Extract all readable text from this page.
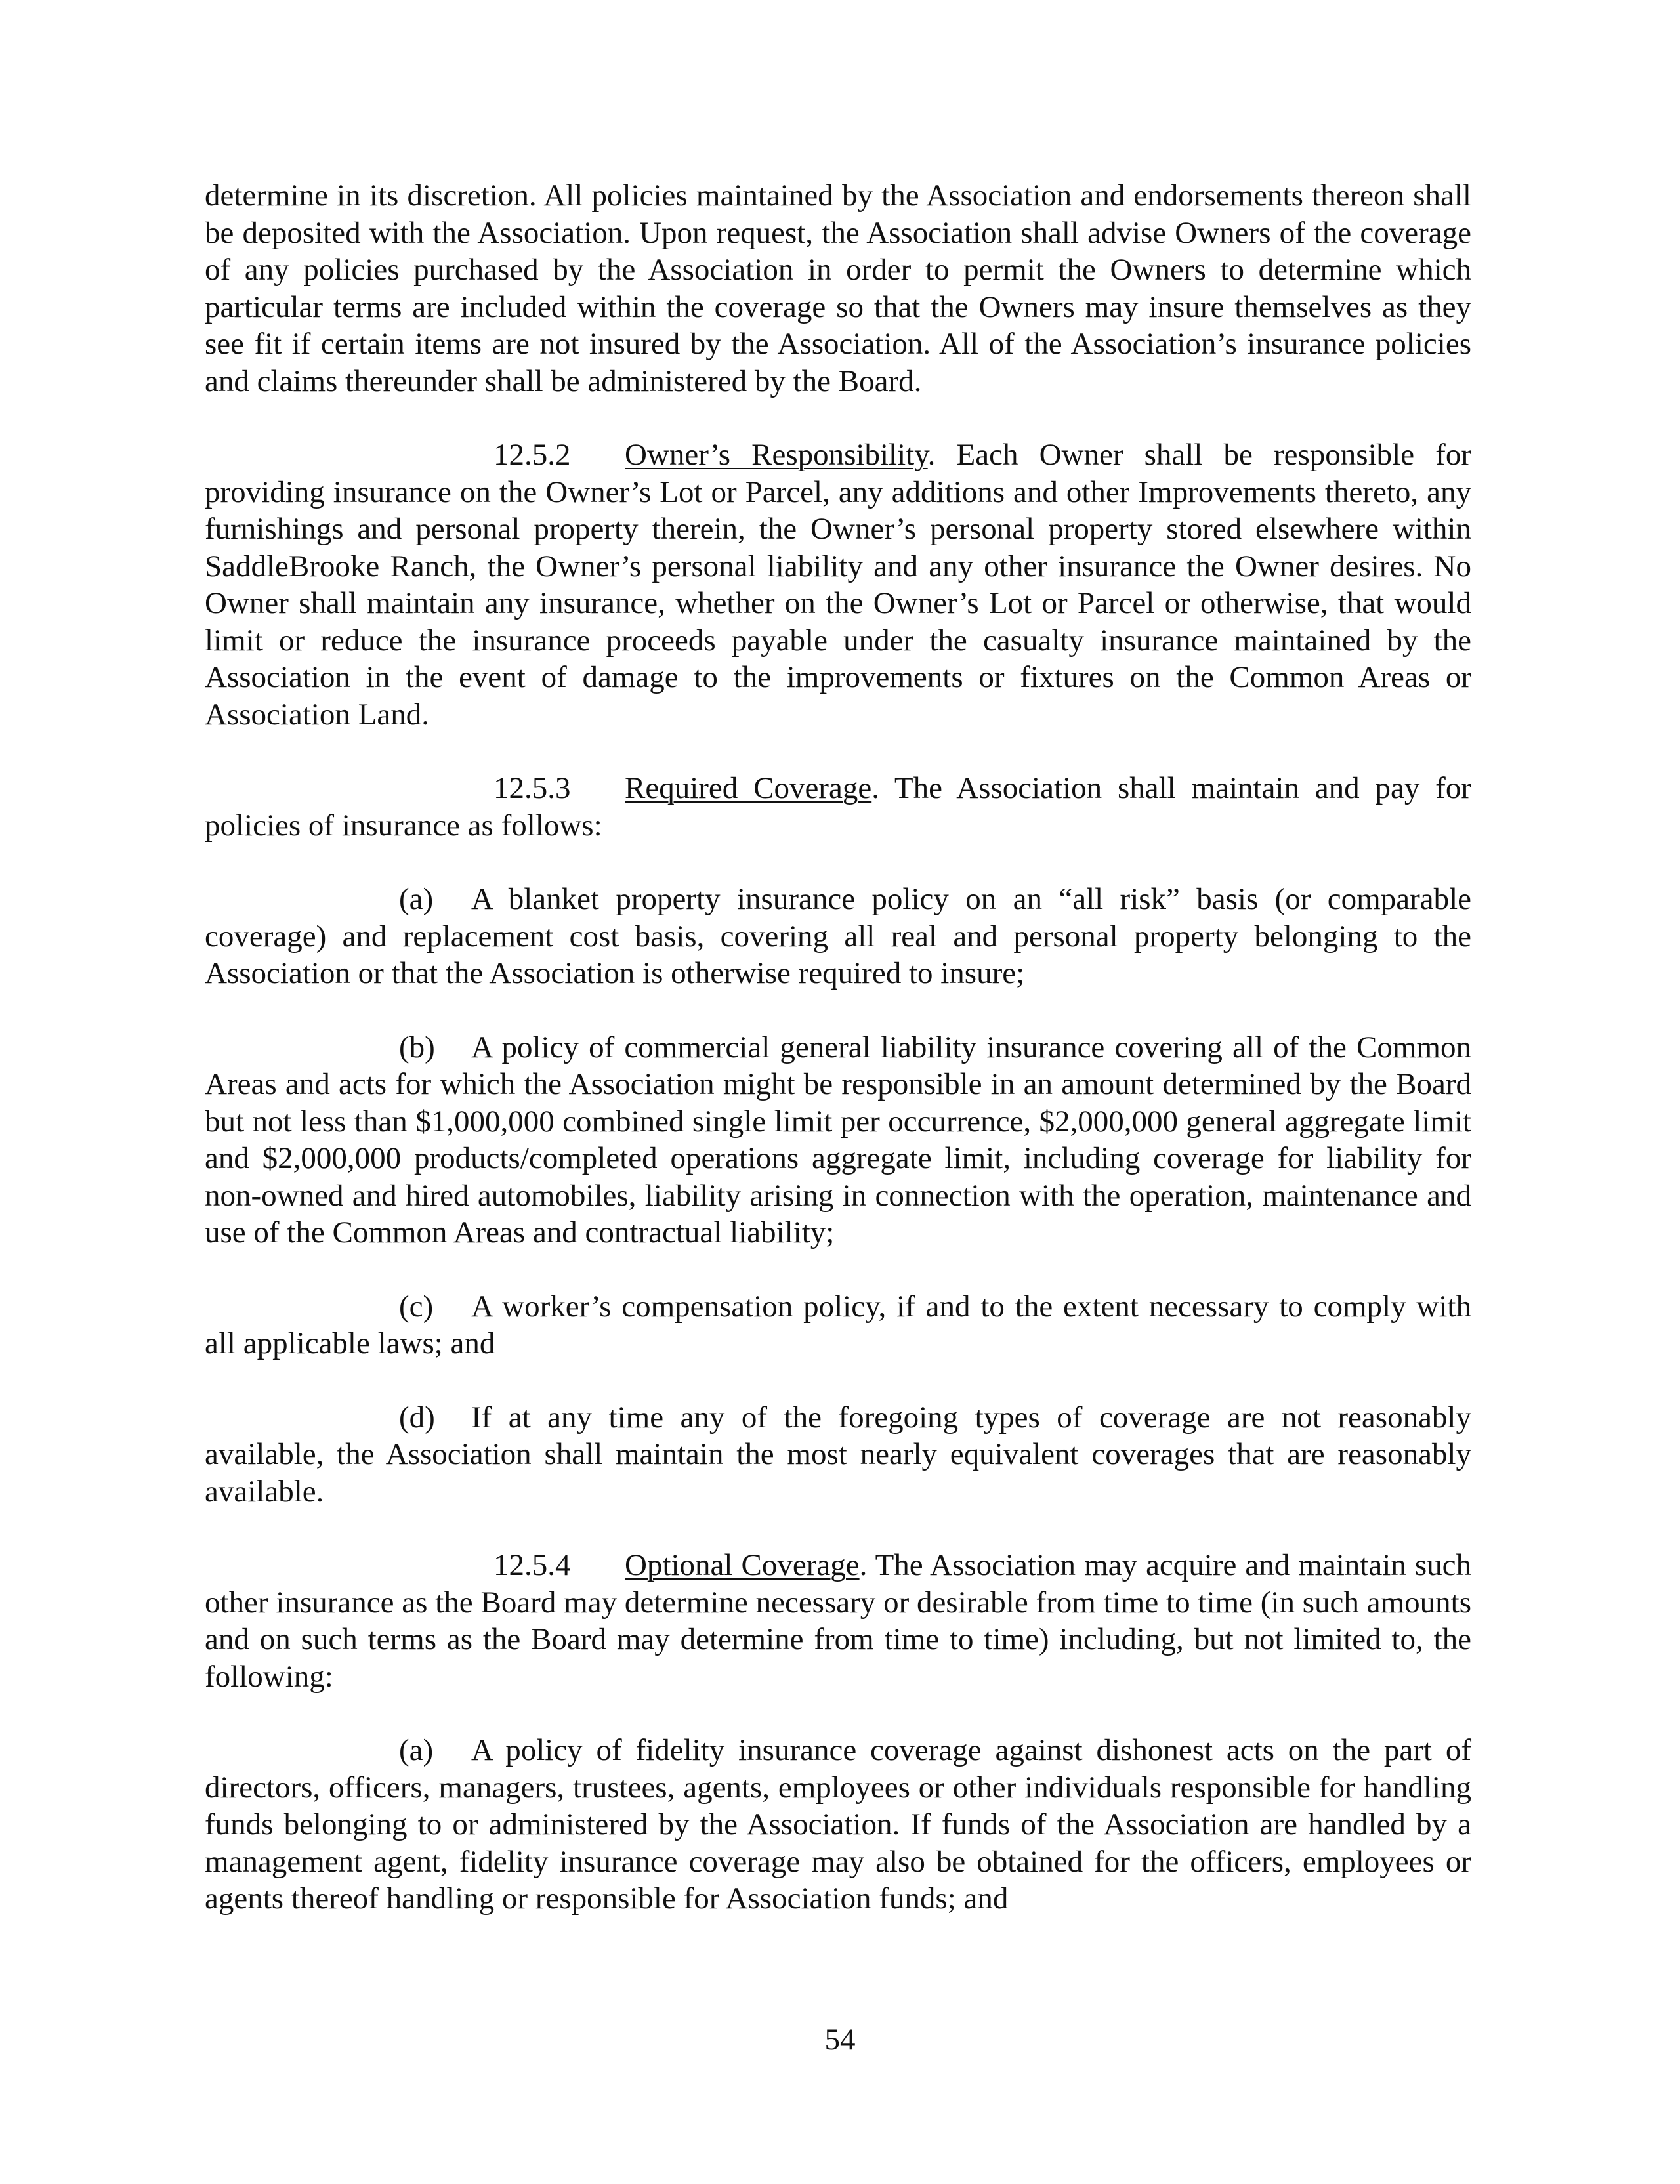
determine in its discretion. All policies maintained by the Association and endorsements thereon shall be deposited with the Association. Upon request, the Association shall advise Owners of the coverage of any policies purchased by the Association in order to permit the Owners to determine which particular terms are included within the coverage so that the Owners may insure themselves as they see fit if certain items are not insured by the Association. All of the Association’s insurance policies and claims thereunder shall be administered by the Board.

12.5.2 Owner’s Responsibility. Each Owner shall be responsible for providing insurance on the Owner’s Lot or Parcel, any additions and other Improvements thereto, any furnishings and personal property therein, the Owner’s personal property stored elsewhere within SaddleBrooke Ranch, the Owner’s personal liability and any other insurance the Owner desires. No Owner shall maintain any insurance, whether on the Owner’s Lot or Parcel or otherwise, that would limit or reduce the insurance proceeds payable under the casualty insurance maintained by the Association in the event of damage to the improvements or fixtures on the Common Areas or Association Land.

12.5.3 Required Coverage. The Association shall maintain and pay for policies of insurance as follows:

(a) A blanket property insurance policy on an “all risk” basis (or comparable coverage) and replacement cost basis, covering all real and personal property belonging to the Association or that the Association is otherwise required to insure;

(b) A policy of commercial general liability insurance covering all of the Common Areas and acts for which the Association might be responsible in an amount determined by the Board but not less than $1,000,000 combined single limit per occurrence, $2,000,000 general aggregate limit and $2,000,000 products/completed operations aggregate limit, including coverage for liability for non-owned and hired automobiles, liability arising in connection with the operation, maintenance and use of the Common Areas and contractual liability;

(c) A worker’s compensation policy, if and to the extent necessary to comply with all applicable laws; and

(d) If at any time any of the foregoing types of coverage are not reasonably available, the Association shall maintain the most nearly equivalent coverages that are reasonably available.

12.5.4 Optional Coverage. The Association may acquire and maintain such other insurance as the Board may determine necessary or desirable from time to time (in such amounts and on such terms as the Board may determine from time to time) including, but not limited to, the following:

(a) A policy of fidelity insurance coverage against dishonest acts on the part of directors, officers, managers, trustees, agents, employees or other individuals responsible for handling funds belonging to or administered by the Association. If funds of the Association are handled by a management agent, fidelity insurance coverage may also be obtained for the officers, employees or agents thereof handling or responsible for Association funds; and

54
